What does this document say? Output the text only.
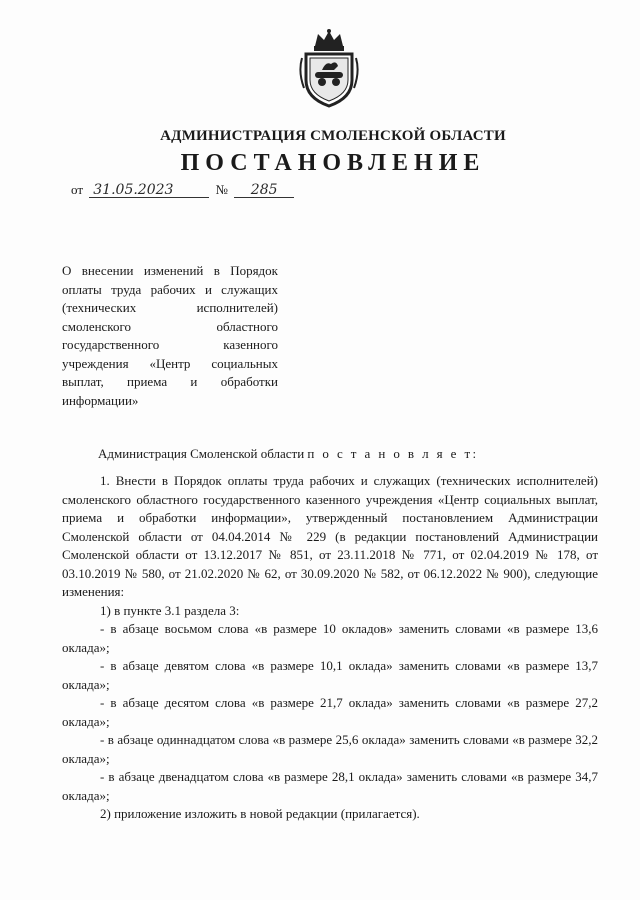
АДМИНИСТРАЦИЯ СМОЛЕНСКОЙ ОБЛАСТИ
ПОСТАНОВЛЕНИЕ
от 31.05.2023	№ 285
О внесении изменений в Порядок оплаты труда рабочих и служащих (технических исполнителей) смоленского областного государственного казенного учреждения «Центр социальных выплат, приема и обработки информации»
Администрация Смоленской области п о с т а н о в л я е т:

1. Внести в Порядок оплаты труда рабочих и служащих (технических исполнителей) смоленского областного государственного казенного учреждения «Центр социальных выплат, приема и обработки информации», утвержденный постановлением Администрации Смоленской области от 04.04.2014 № 229 (в редакции постановлений Администрации Смоленской области от 13.12.2017 № 851, от 23.11.2018 № 771, от 02.04.2019 № 178, от 03.10.2019 № 580, от 21.02.2020 № 62, от 30.09.2020 № 582, от 06.12.2022 № 900), следующие изменения:

1) в пункте 3.1 раздела 3:

- в абзаце восьмом слова «в размере 10 окладов» заменить словами «в размере 13,6 оклада»;

- в абзаце девятом слова «в размере 10,1 оклада» заменить словами «в размере 13,7 оклада»;

- в абзаце десятом слова «в размере 21,7 оклада» заменить словами «в размере 27,2 оклада»;

- в абзаце одиннадцатом слова «в размере 25,6 оклада» заменить словами «в размере 32,2 оклада»;

- в абзаце двенадцатом слова «в размере 28,1 оклада» заменить словами «в размере 34,7 оклада»;

2) приложение изложить в новой редакции (прилагается).
